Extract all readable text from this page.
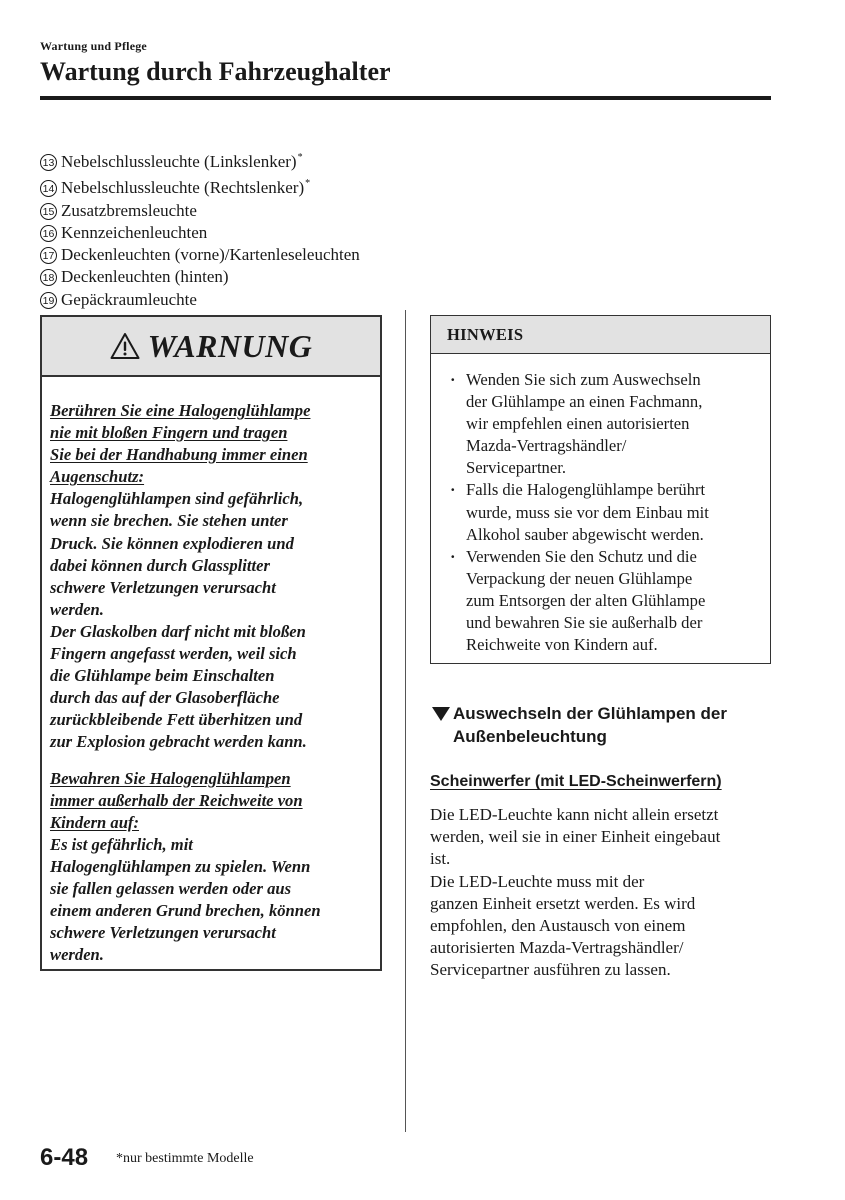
Wartung und Pflege
Wartung durch Fahrzeughalter
13 Nebelschlussleuchte (Linkslenker)*
14 Nebelschlussleuchte (Rechtslenker)*
15 Zusatzbremsleuchte
16 Kennzeichenleuchten
17 Deckenleuchten (vorne)/Kartenleseleuchten
18 Deckenleuchten (hinten)
19 Gepäckraumleuchte
WARNUNG
Berühren Sie eine Halogenglühlampe
nie mit bloßen Fingern und tragen
Sie bei der Handhabung immer einen
Augenschutz:
Halogenglühlampen sind gefährlich,
wenn sie brechen. Sie stehen unter
Druck. Sie können explodieren und
dabei können durch Glassplitter
schwere Verletzungen verursacht
werden.
Der Glaskolben darf nicht mit bloßen
Fingern angefasst werden, weil sich
die Glühlampe beim Einschalten
durch das auf der Glasoberfläche
zurückbleibende Fett überhitzen und
zur Explosion gebracht werden kann.
Bewahren Sie Halogenglühlampen
immer außerhalb der Reichweite von
Kindern auf:
Es ist gefährlich, mit
Halogenglühlampen zu spielen. Wenn
sie fallen gelassen werden oder aus
einem anderen Grund brechen, können
schwere Verletzungen verursacht
werden.
HINWEIS
· Wenden Sie sich zum Auswechseln
der Glühlampe an einen Fachmann,
wir empfehlen einen autorisierten
Mazda-Vertragshändler/
Servicepartner.
· Falls die Halogenglühlampe berührt
wurde, muss sie vor dem Einbau mit
Alkohol sauber abgewischt werden.
· Verwenden Sie den Schutz und die
Verpackung der neuen Glühlampe
zum Entsorgen der alten Glühlampe
und bewahren Sie sie außerhalb der
Reichweite von Kindern auf.
Auswechseln der Glühlampen der
Außenbeleuchtung
Scheinwerfer (mit LED-Scheinwerfern)

Die LED-Leuchte kann nicht allein ersetzt

werden, weil sie in einer Einheit eingebaut

ist.

Die LED-Leuchte muss mit der

ganzen Einheit ersetzt werden. Es wird

empfohlen, den Austausch von einem

autorisierten Mazda-Vertragshändler/

Servicepartner ausführen zu lassen.

6-48 *nur bestimmte Modelle
